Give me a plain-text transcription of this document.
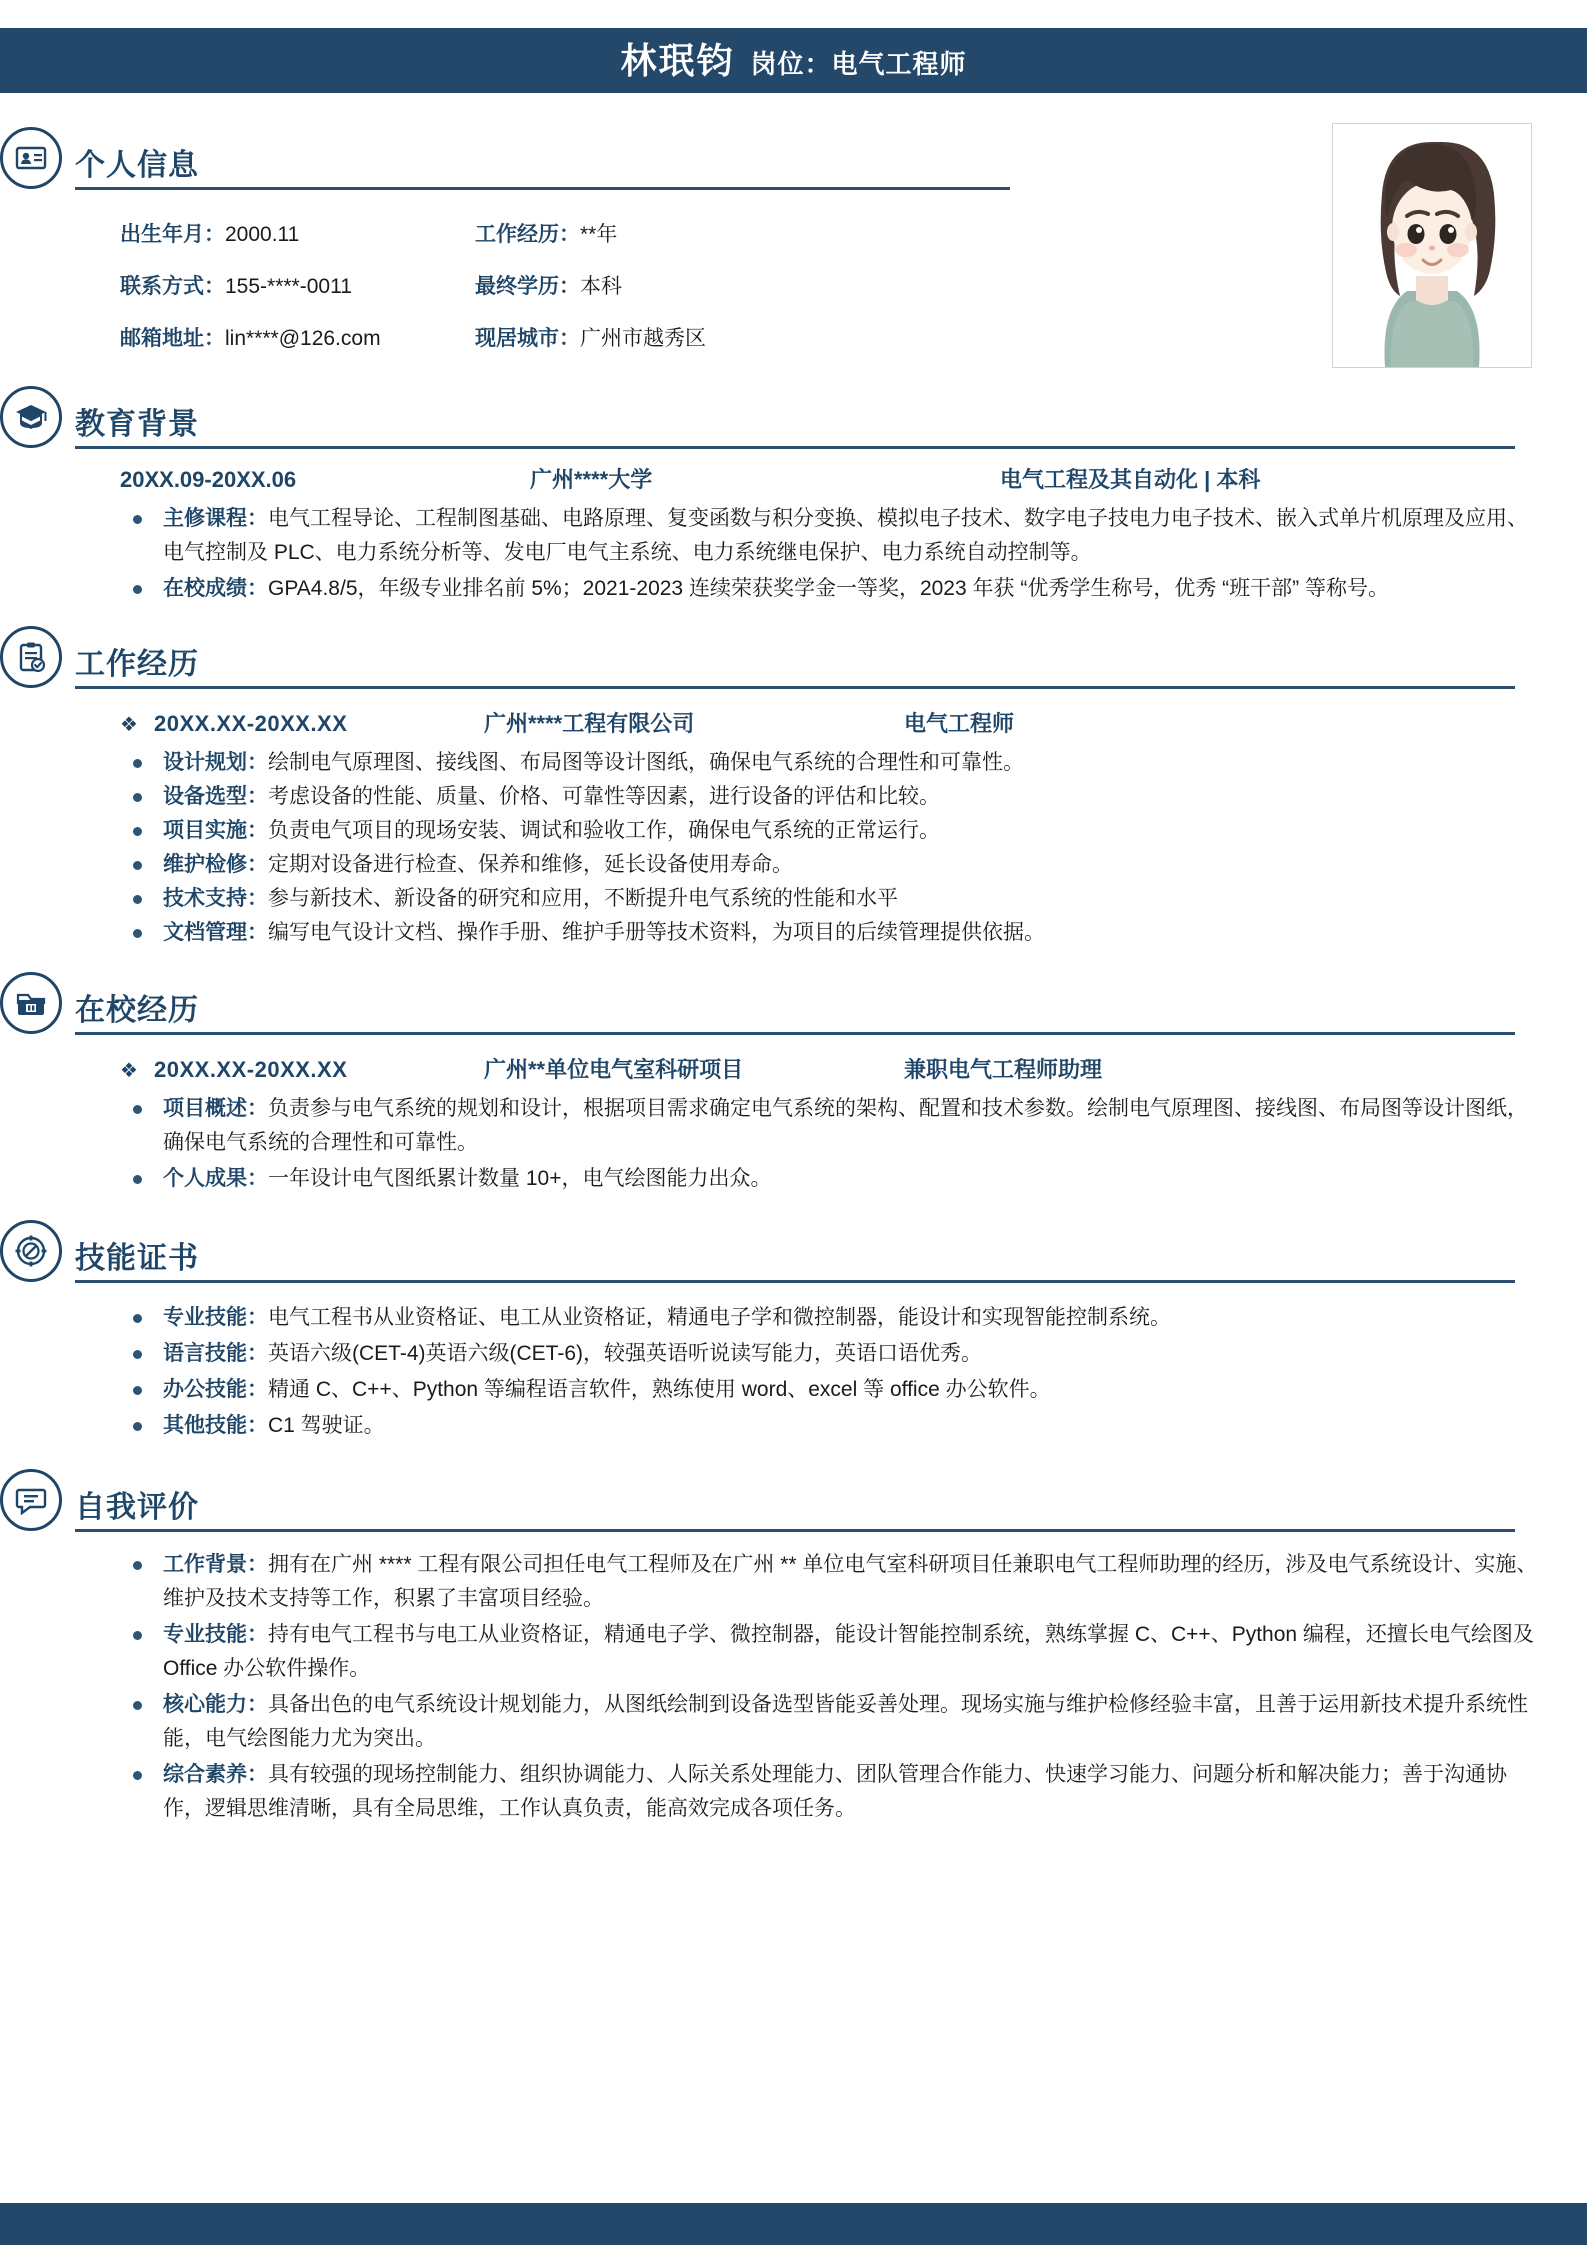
林珉钧 岗位：电气工程师
个人信息
出生年月：2000.11	工作经历：**年
联系方式：155-****-0011	最终学历：本科
邮箱地址：lin****@126.com	现居城市：广州市越秀区
教育背景
20XX.09-20XX.06	广州****大学	电气工程及其自动化 | 本科
主修课程：电气工程导论、工程制图基础、电路原理、复变函数与积分变换、模拟电子技术、数字电子技电力电子技术、嵌入式单片机原理及应用、电气控制及 PLC、电力系统分析等、发电厂电气主系统、电力系统继电保护、电力系统自动控制等。
在校成绩：GPA4.8/5，年级专业排名前 5%；2021-2023 连续荣获奖学金一等奖，2023 年获 “优秀学生称号，优秀 “班干部” 等称号。
工作经历
❖ 20XX.XX-20XX.XX	广州****工程有限公司	电气工程师
设计规划：绘制电气原理图、接线图、布局图等设计图纸，确保电气系统的合理性和可靠性。
设备选型：考虑设备的性能、质量、价格、可靠性等因素，进行设备的评估和比较。
项目实施：负责电气项目的现场安装、调试和验收工作，确保电气系统的正常运行。
维护检修：定期对设备进行检查、保养和维修，延长设备使用寿命。
技术支持：参与新技术、新设备的研究和应用，不断提升电气系统的性能和水平
文档管理：编写电气设计文档、操作手册、维护手册等技术资料，为项目的后续管理提供依据。
在校经历
❖ 20XX.XX-20XX.XX	广州**单位电气室科研项目	兼职电气工程师助理
项目概述：负责参与电气系统的规划和设计，根据项目需求确定电气系统的架构、配置和技术参数。绘制电气原理图、接线图、布局图等设计图纸，确保电气系统的合理性和可靠性。
个人成果：一年设计电气图纸累计数量 10+，电气绘图能力出众。
技能证书
专业技能：电气工程书从业资格证、电工从业资格证，精通电子学和微控制器，能设计和实现智能控制系统。
语言技能：英语六级(CET-4)英语六级(CET-6)，较强英语听说读写能力，英语口语优秀。
办公技能：精通 C、C++、Python 等编程语言软件，熟练使用 word、excel 等 office 办公软件。
其他技能：C1 驾驶证。
自我评价
工作背景：拥有在广州 **** 工程有限公司担任电气工程师及在广州 ** 单位电气室科研项目任兼职电气工程师助理的经历，涉及电气系统设计、实施、维护及技术支持等工作，积累了丰富项目经验。
专业技能：持有电气工程书与电工从业资格证，精通电子学、微控制器，能设计智能控制系统，熟练掌握 C、C++、Python 编程，还擅长电气绘图及 Office 办公软件操作。
核心能力：具备出色的电气系统设计规划能力，从图纸绘制到设备选型皆能妥善处理。现场实施与维护检修经验丰富，且善于运用新技术提升系统性能，电气绘图能力尤为突出。
综合素养：具有较强的现场控制能力、组织协调能力、人际关系处理能力、团队管理合作能力、快速学习能力、问题分析和解决能力；善于沟通协作，逻辑思维清晰，具有全局思维，工作认真负责，能高效完成各项任务。
